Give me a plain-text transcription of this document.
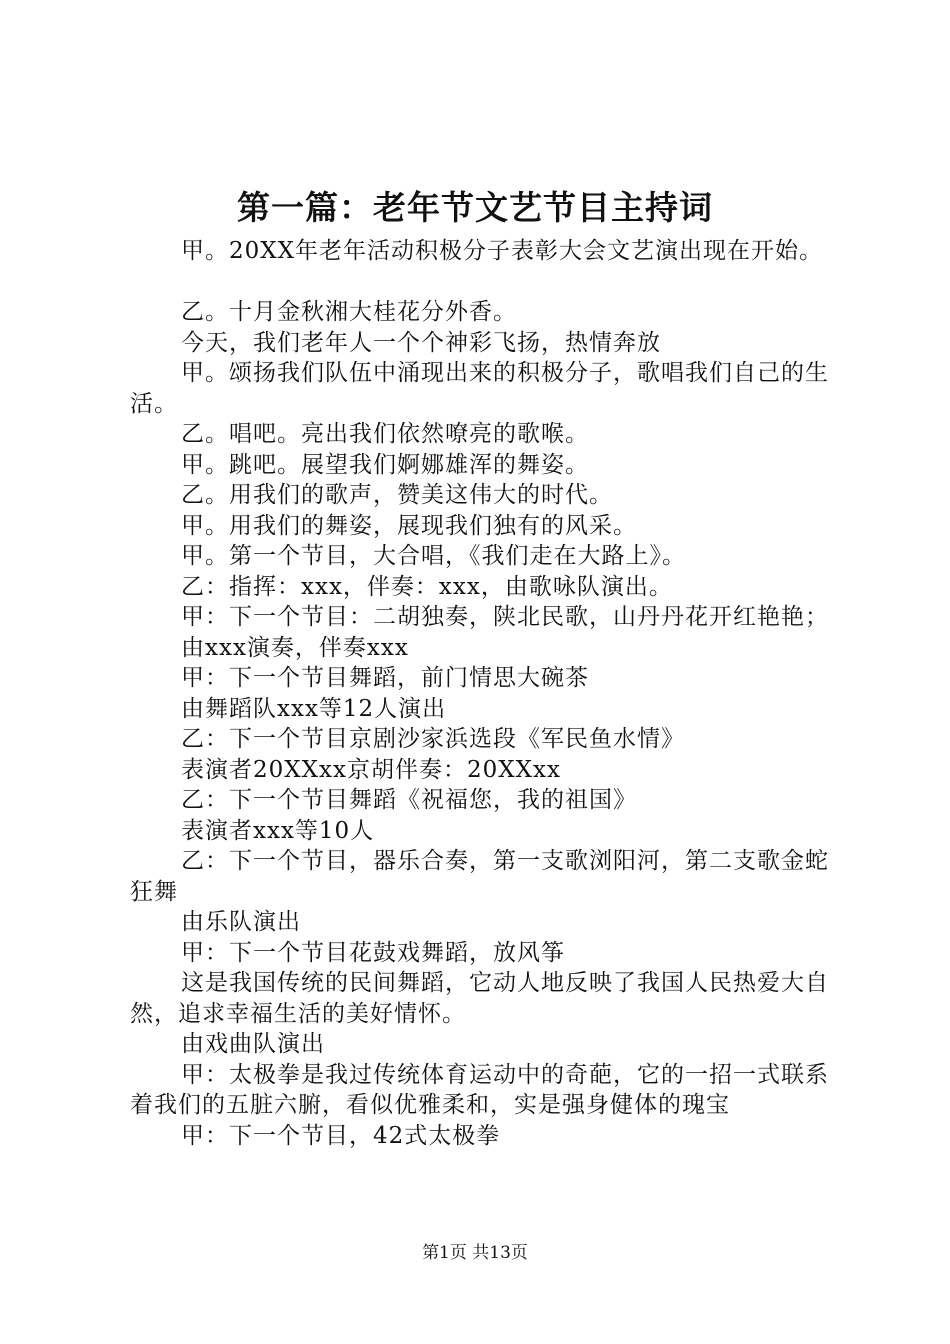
第一篇：老年节文艺节目主持词

甲。20XX年老年活动积极分子表彰大会文艺演出现在开始。

乙。十月金秋湘大桂花分外香。

今天，我们老年人一个个神彩飞扬，热情奔放

甲。颂扬我们队伍中涌现出来的积极分子，歌唱我们自己的生活。

乙。唱吧。亮出我们依然嘹亮的歌喉。

甲。跳吧。展望我们婀娜雄浑的舞姿。

乙。用我们的歌声，赞美这伟大的时代。

甲。用我们的舞姿，展现我们独有的风采。

甲。第一个节目，大合唱，《我们走在大路上》。

乙：指挥：xxx，伴奏：xxx，由歌咏队演出。

甲：下一个节目：二胡独奏，陕北民歌，山丹丹花开红艳艳；

由xxx演奏，伴奏xxx

甲：下一个节目舞蹈，前门情思大碗茶

由舞蹈队xxx等12人演出

乙：下一个节目京剧沙家浜选段《军民鱼水情》

表演者20XXxx京胡伴奏：20XXxx

乙：下一个节目舞蹈《祝福您，我的祖国》

表演者xxx等10人

乙：下一个节目，器乐合奏，第一支歌浏阳河，第二支歌金蛇狂舞

由乐队演出

甲：下一个节目花鼓戏舞蹈，放风筝

这是我国传统的民间舞蹈，它动人地反映了我国人民热爱大自然，追求幸福生活的美好情怀。

由戏曲队演出

甲：太极拳是我过传统体育运动中的奇葩，它的一招一式联系着我们的五脏六腑，看似优雅柔和，实是强身健体的瑰宝

甲：下一个节目，42式太极拳

第1页 共13页
